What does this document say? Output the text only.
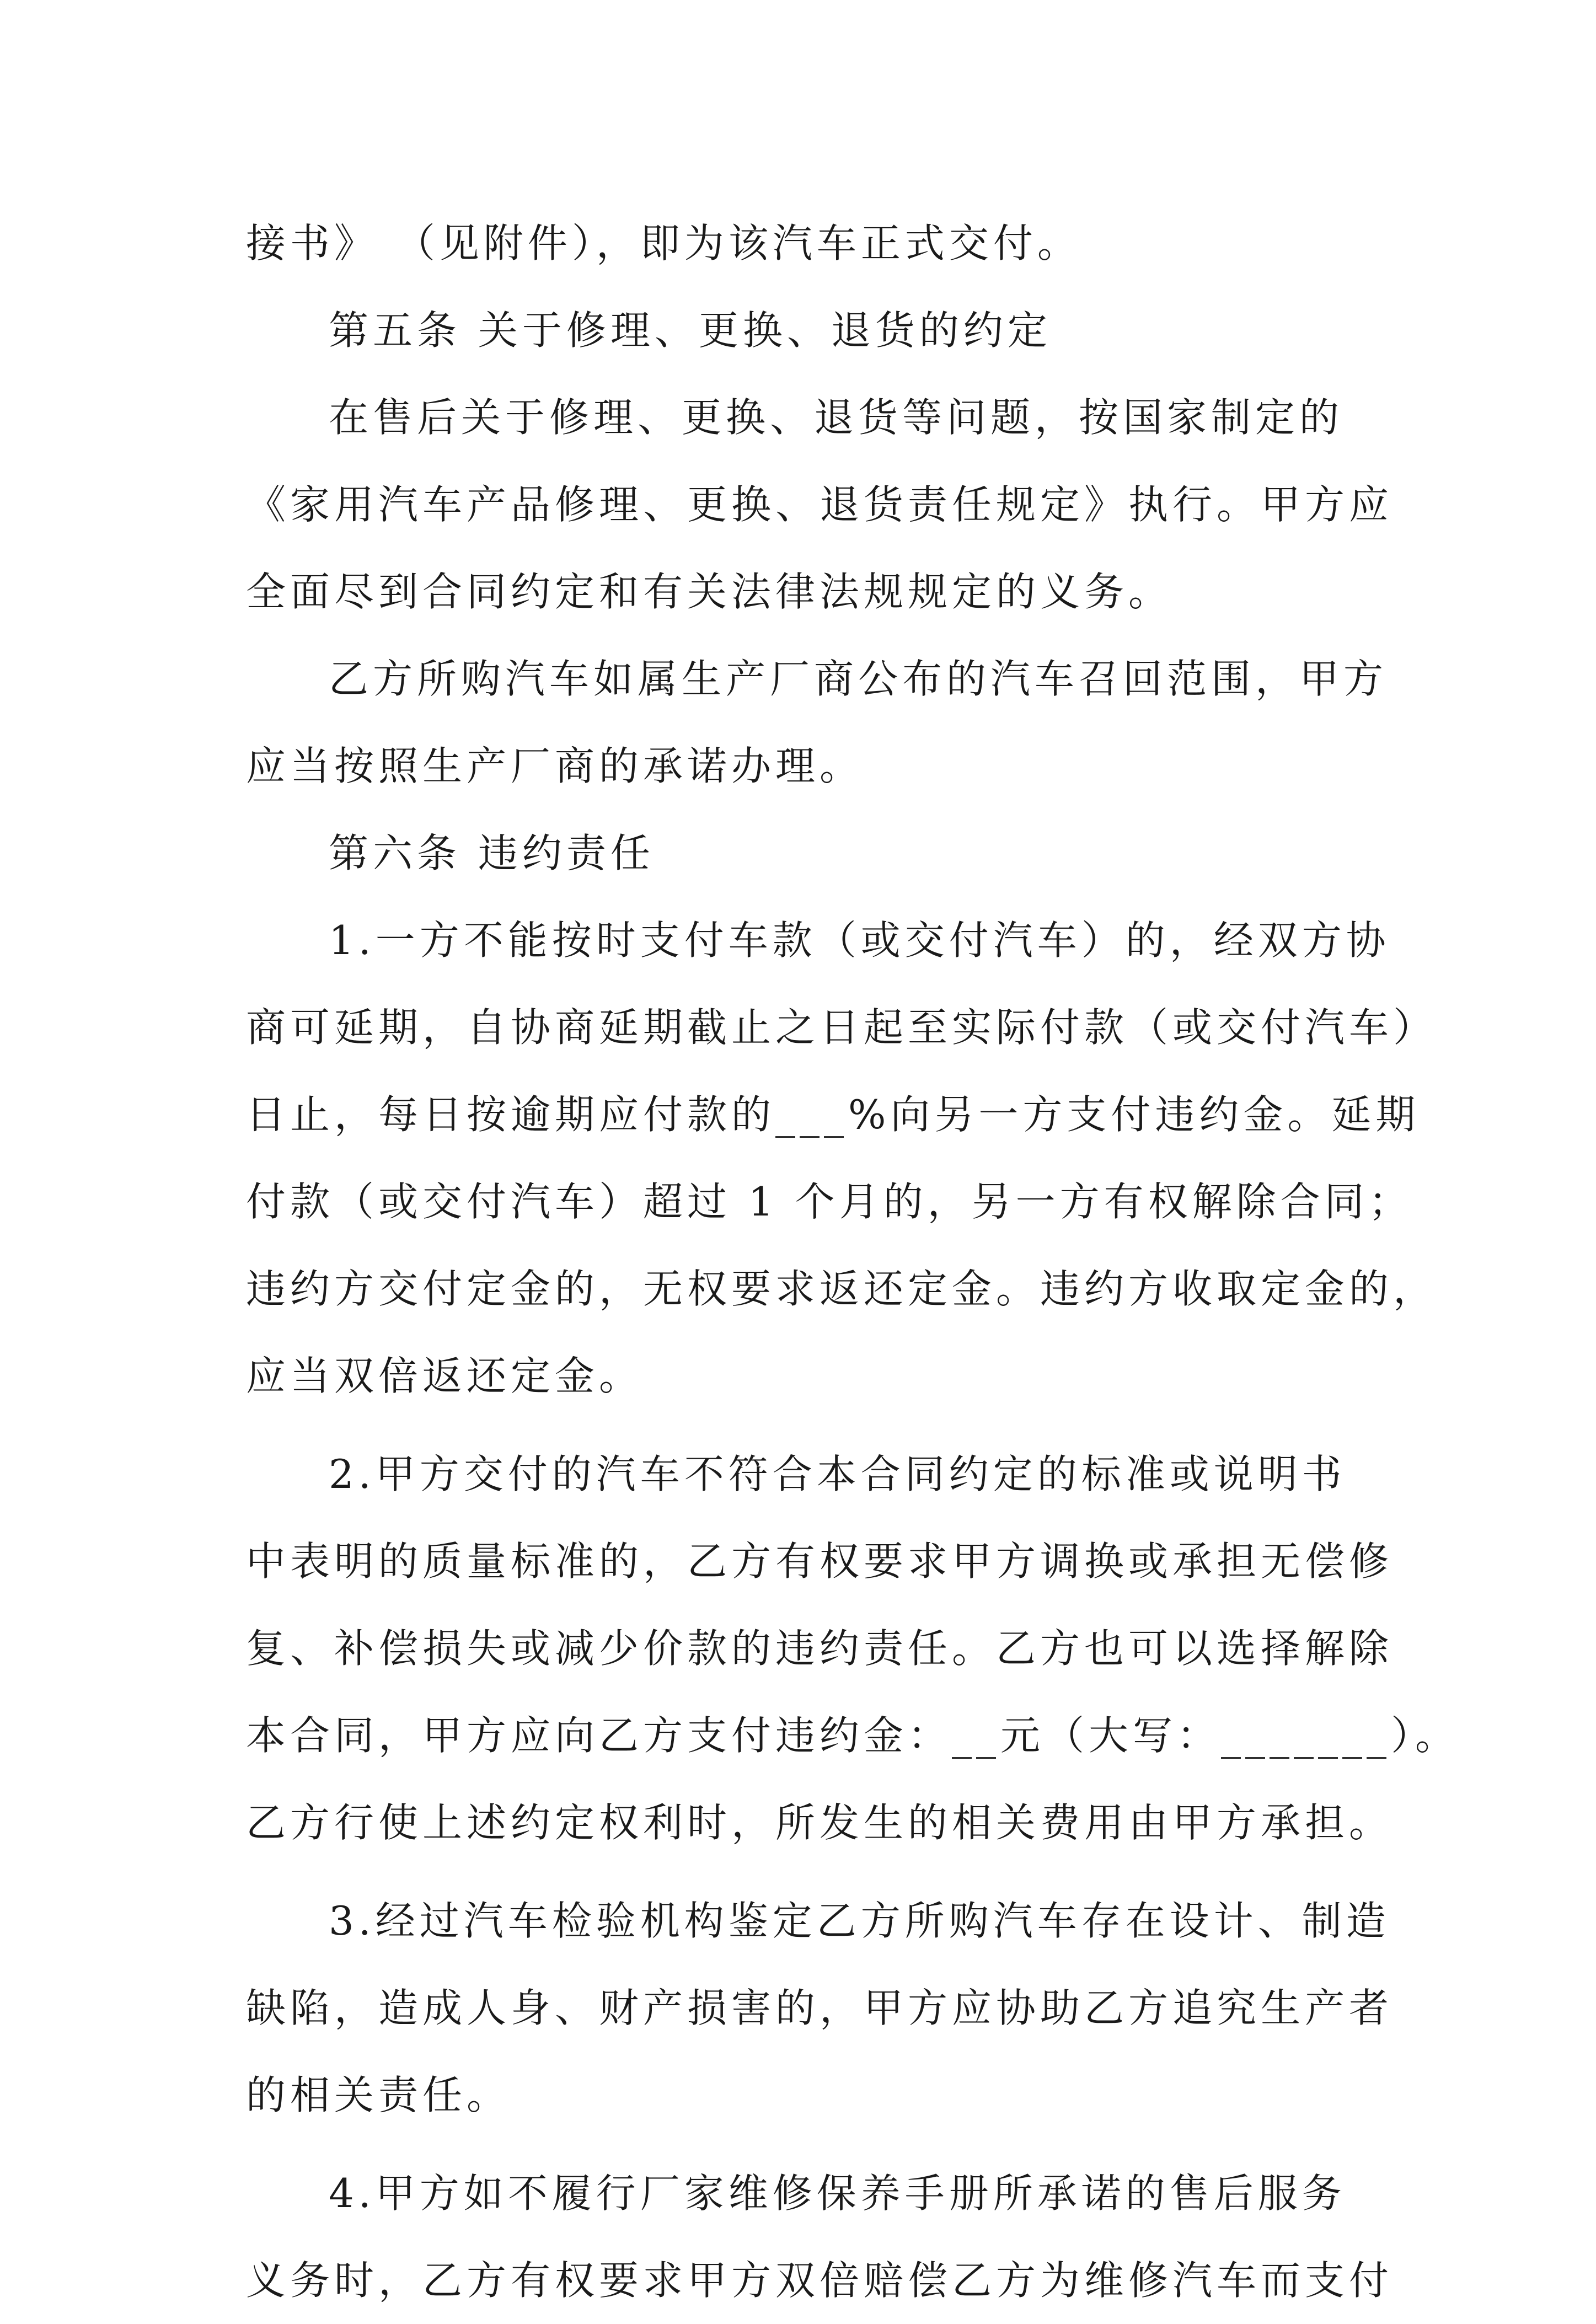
接书》 （见附件），即为该汽车正式交付。
第五条 关于修理、更换、退货的约定
在售后关于修理、更换、退货等问题，按国家制定的
《家用汽车产品修理、更换、退货责任规定》执行。甲方应
全面尽到合同约定和有关法律法规规定的义务。
乙方所购汽车如属生产厂商公布的汽车召回范围，甲方
应当按照生产厂商的承诺办理。
第六条 违约责任
1.一方不能按时支付车款（或交付汽车）的，经双方协
商可延期，自协商延期截止之日起至实际付款（或交付汽车）
日止，每日按逾期应付款的___%向另一方支付违约金。延期
付款（或交付汽车）超过 1 个月的，另一方有权解除合同；
违约方交付定金的，无权要求返还定金。违约方收取定金的，
应当双倍返还定金。
2.甲方交付的汽车不符合本合同约定的标准或说明书
中表明的质量标准的，乙方有权要求甲方调换或承担无偿修
复、补偿损失或减少价款的违约责任。乙方也可以选择解除
本合同，甲方应向乙方支付违约金：__元（大写：_______）。
乙方行使上述约定权利时，所发生的相关费用由甲方承担。
3.经过汽车检验机构鉴定乙方所购汽车存在设计、制造
缺陷，造成人身、财产损害的，甲方应协助乙方追究生产者
的相关责任。
4.甲方如不履行厂家维修保养手册所承诺的售后服务
义务时，乙方有权要求甲方双倍赔偿乙方为维修汽车而支付
